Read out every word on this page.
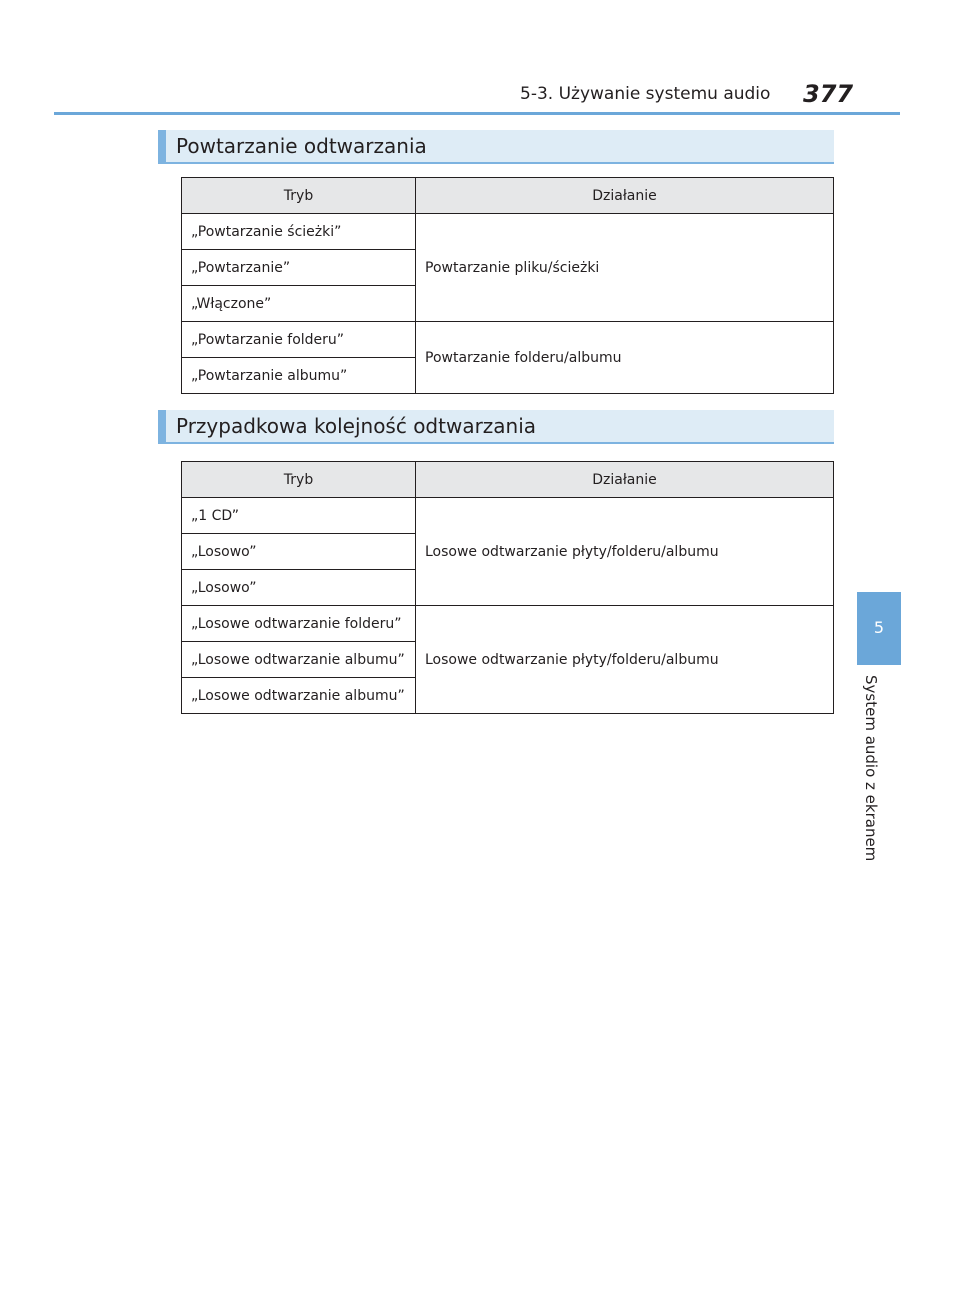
5-3. Używanie systemu audio 377
Powtarzanie odtwarzania
Tryb	Działanie
„Powtarzanie ścieżki”	Powtarzanie pliku/ścieżki
„Powtarzanie”	
„Włączone”	
„Powtarzanie folderu”	Powtarzanie folderu/albumu
„Powtarzanie albumu”	
Przypadkowa kolejność odtwarzania
Tryb	Działanie
„1 CD”	Losowe odtwarzanie płyty/folderu/albumu
„Losowo”	
„Losowo”	
„Losowe odtwarzanie folderu”	Losowe odtwarzanie płyty/folderu/albumu
„Losowe odtwarzanie albumu”	
„Losowe odtwarzanie albumu”	
5
System audio z ekranem
